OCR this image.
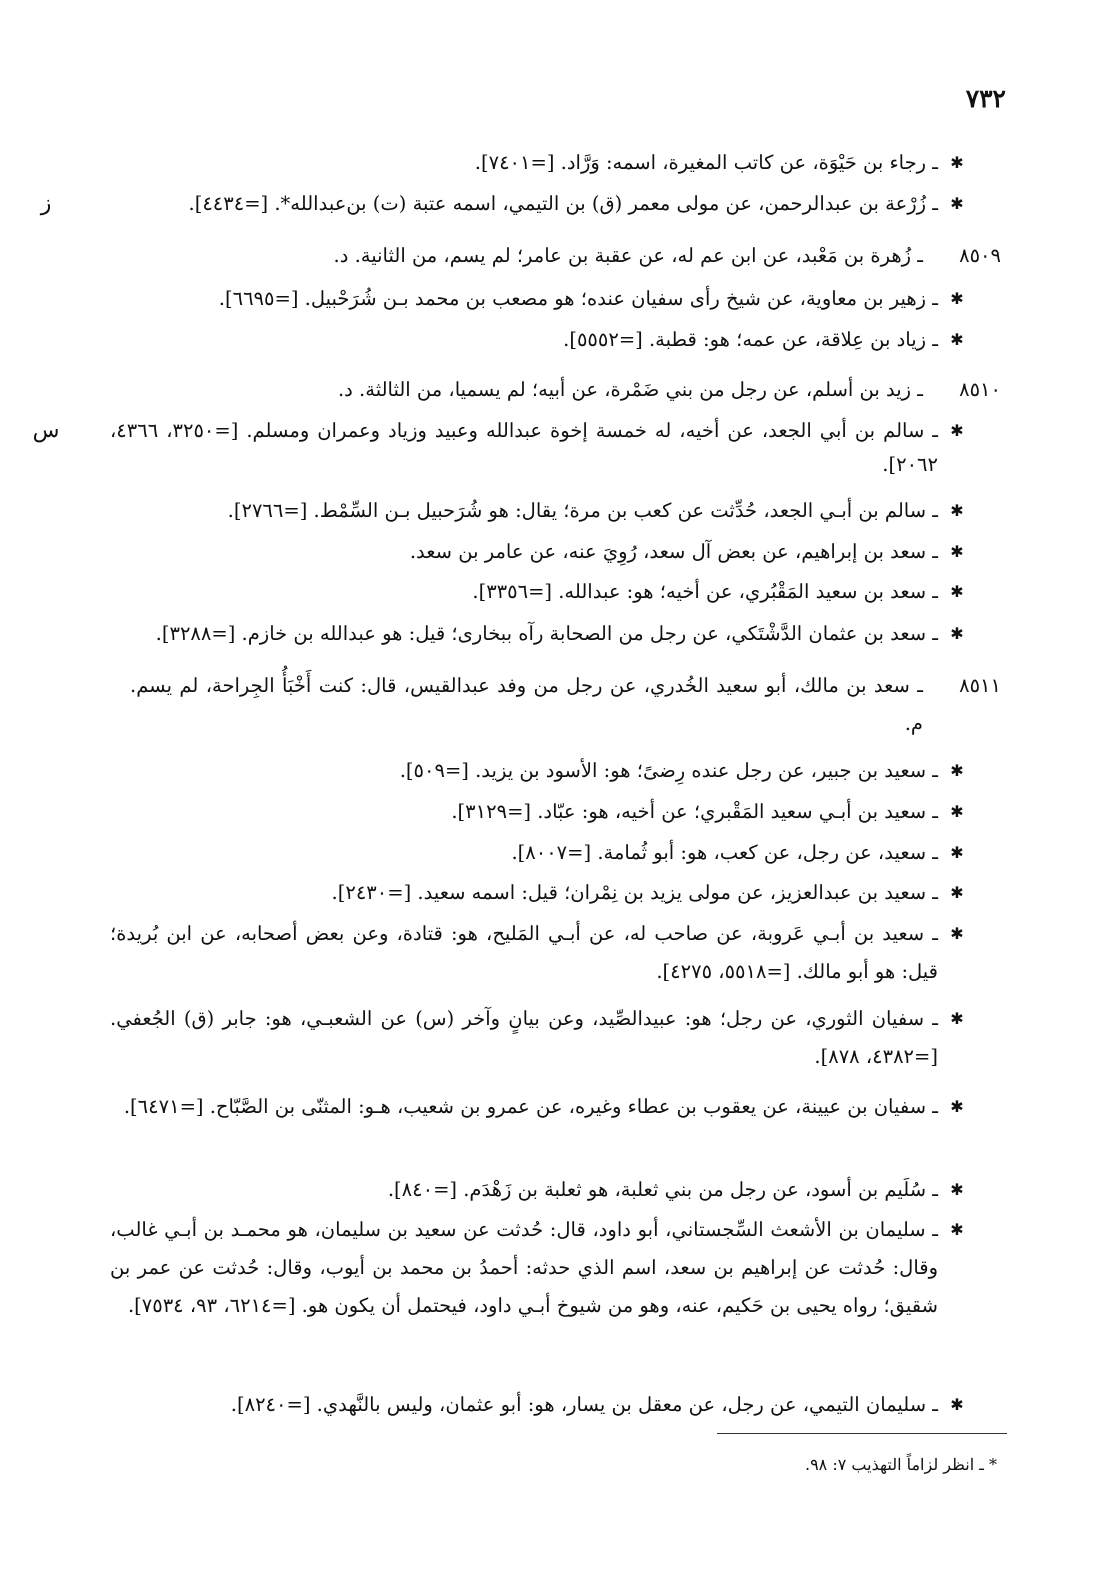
٧٣٢
✱
ـ رجاء بن حَيْوَة، عن كاتب المغيرة، اسمه: وَرَّاد. [=٧٤٠١].
ز	✱
ـ زُرْعة بن عبدالرحمن، عن مولى معمر (ق) بن التيمي، اسمه عتبة (ت) بن‌عبدالله*. [=٤٤٣٤].
٨٥٠٩
ـ زُهرة بن مَعْبد، عن ابن عم له، عن عقبة بن عامر؛ لم يسم، من الثانية. د.
✱
ـ زهير بن معاوية، عن شيخ رأى سفيان عنده؛ هو مصعب بن محمد بـن شُرَحْبيل. [=٦٦٩٥].
✱
ـ زياد بن عِلاقة، عن عمه؛ هو: قطبة. [=٥٥٥٢].
٨٥١٠
ـ زيد بن أسلم، عن رجل من بني ضَمْرة، عن أبيه؛ لم يسميا، من الثالثة. د.
س	✱
ـ سالم بن أبي الجعد، عن أخيه، له خمسة إخوة عبدالله وعبيد وزياد وعمران ومسلم. [=٣٢٥٠، ٤٣٦٦، ٢٠٦٢].
✱
ـ سالم بن أبـي الجعد، حُدِّثت عن كعب بن مرة؛ يقال: هو شُرَحبيل بـن السِّمْط. [=٢٧٦٦].
✱
ـ سعد بن إبراهيم، عن بعض آل سعد، رُوِيَ عنه، عن عامر بن سعد.
✱
ـ سعد بن سعيد المَقْبُري، عن أخيه؛ هو: عبدالله. [=٣٣٥٦].
✱
ـ سعد بن عثمان الدَّشْتَكي، عن رجل من الصحابة رآه ببخارى؛ قيل: هو عبدالله بن خازم. [=٣٢٨٨].
٨٥١١
ـ سعد بن مالك، أبو سعيد الخُدري، عن رجل من وفد عبدالقيس، قال: كنت أَخْبَأُ الجِراحة، لم يسم. م.
✱
ـ سعيد بن جبير، عن رجل عنده رِضىً؛ هو: الأسود بن يزيد. [=٥٠٩].
✱
ـ سعيد بن أبـي سعيد المَقْبري؛ عن أخيه، هو: عبّاد. [=٣١٢٩].
✱
ـ سعيد، عن رجل، عن كعب، هو: أبو ثُمامة. [=٨٠٠٧].
✱
ـ سعيد بن عبدالعزيز، عن مولى يزيد بن نِمْران؛ قيل: اسمه سعيد. [=٢٤٣٠].
✱
ـ سعيد بن أبـي عَروبة، عن صاحب له، عن أبـي المَليح، هو: قتادة، وعن بعض أصحابه، عن ابن بُريدة؛ قيل: هو أبو مالك. [=٥٥١٨، ٤٢٧٥].
✱
ـ سفيان الثوري، عن رجل؛ هو: عبيدالصِّيد، وعن بيانٍ وآخر (س) عن الشعبـي، هو: جابر (ق) الجُعفي. [=٤٣٨٢، ٨٧٨].
✱
ـ سفيان بن عيينة، عن يعقوب بن عطاء وغيره، عن عمرو بن شعيب، هـو: المثنّى بن الصَّبّاح. [=٦٤٧١].
✱
ـ سُلَيم بن أسود، عن رجل من بني ثعلبة، هو ثعلبة بن زَهْدَم. [=٨٤٠].
✱
ـ سليمان بن الأشعث السِّجستاني، أبو داود، قال: حُدثت عن سعيد بن سليمان، هو محمـد بن أبـي غالب، وقال: حُدثت عن إبراهيم بن سعد، اسم الذي حدثه: أحمدُ بن محمد بن أيوب، وقال: حُدثت عن عمر بن شقيق؛ رواه يحيى بن حَكيم، عنه، وهو من شيوخ أبـي داود، فيحتمل أن يكون هو. [=٦٢١٤، ٩٣، ٧٥٣٤].
✱
ـ سليمان التيمي، عن رجل، عن معقل بن يسار، هو: أبو عثمان، وليس بالنَّهدي. [=٨٢٤٠].
* ـ انظر لزاماً التهذيب ٧: ٩٨.
